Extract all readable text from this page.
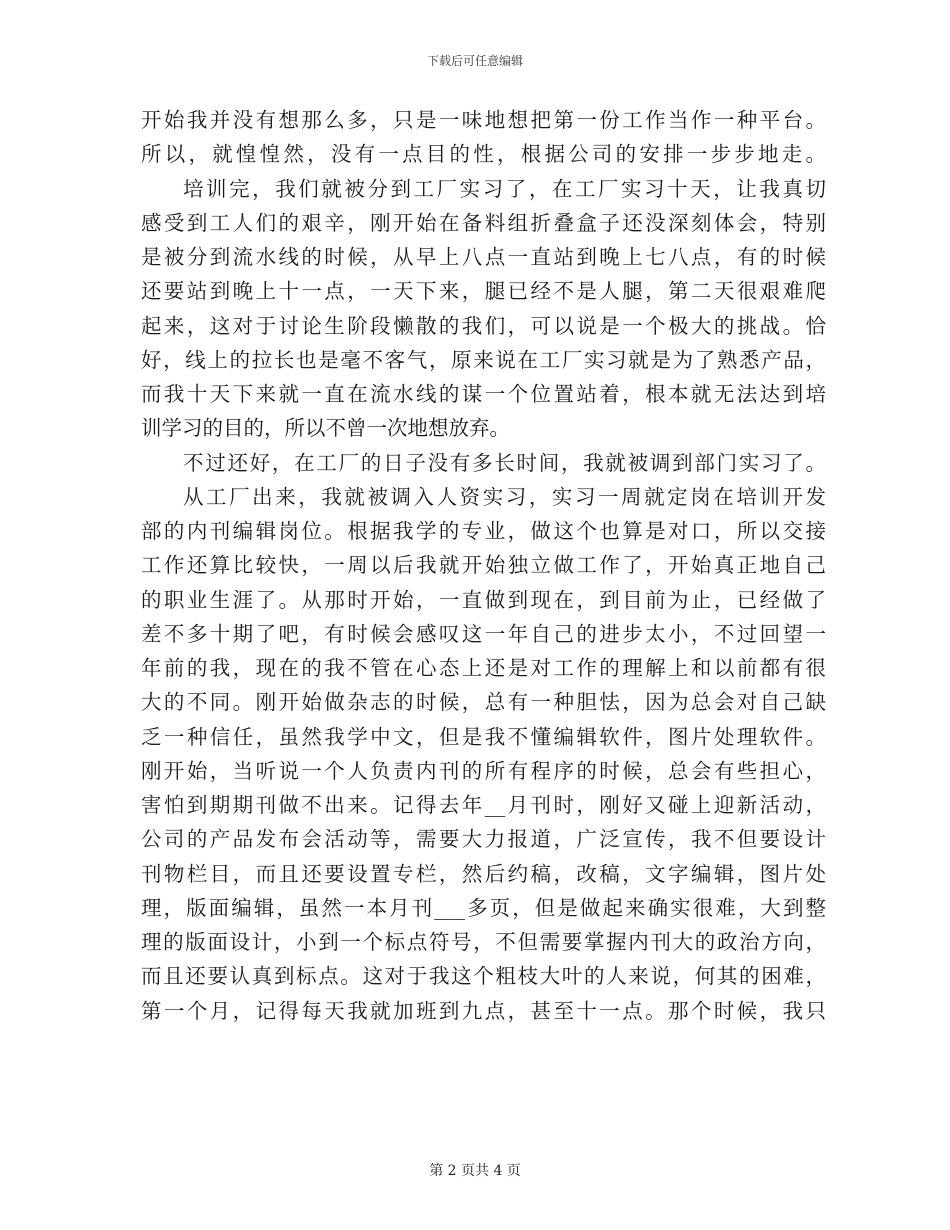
下载后可任意编辑
开始我并没有想那么多，只是一味地想把第一份工作当作一种平台。
所以，就惶惶然，没有一点目的性，根据公司的安排一步步地走。
培训完，我们就被分到工厂实习了，在工厂实习十天，让我真切
感受到工人们的艰辛，刚开始在备料组折叠盒子还没深刻体会，特别
是被分到流水线的时候，从早上八点一直站到晚上七八点，有的时候
还要站到晚上十一点，一天下来，腿已经不是人腿，第二天很艰难爬
起来，这对于讨论生阶段懒散的我们，可以说是一个极大的挑战。恰
好，线上的拉长也是毫不客气，原来说在工厂实习就是为了熟悉产品，
而我十天下来就一直在流水线的谋一个位置站着，根本就无法达到培
训学习的目的，所以不曾一次地想放弃。
不过还好，在工厂的日子没有多长时间，我就被调到部门实习了。
从工厂出来，我就被调入人资实习，实习一周就定岗在培训开发
部的内刊编辑岗位。根据我学的专业，做这个也算是对口，所以交接
工作还算比较快，一周以后我就开始独立做工作了，开始真正地自己
的职业生涯了。从那时开始，一直做到现在，到目前为止，已经做了
差不多十期了吧，有时候会感叹这一年自己的进步太小，不过回望一
年前的我，现在的我不管在心态上还是对工作的理解上和以前都有很
大的不同。刚开始做杂志的时候，总有一种胆怯，因为总会对自己缺
乏一种信任，虽然我学中文，但是我不懂编辑软件，图片处理软件。
刚开始，当听说一个人负责内刊的所有程序的时候，总会有些担心，
害怕到期期刊做不出来。记得去年__月刊时，刚好又碰上迎新活动，
公司的产品发布会活动等，需要大力报道，广泛宣传，我不但要设计
刊物栏目，而且还要设置专栏，然后约稿，改稿，文字编辑，图片处
理，版面编辑，虽然一本月刊___多页，但是做起来确实很难，大到整
理的版面设计，小到一个标点符号，不但需要掌握内刊大的政治方向，
而且还要认真到标点。这对于我这个粗枝大叶的人来说，何其的困难，
第一个月，记得每天我就加班到九点，甚至十一点。那个时候，我只
第 2 页共 4 页
